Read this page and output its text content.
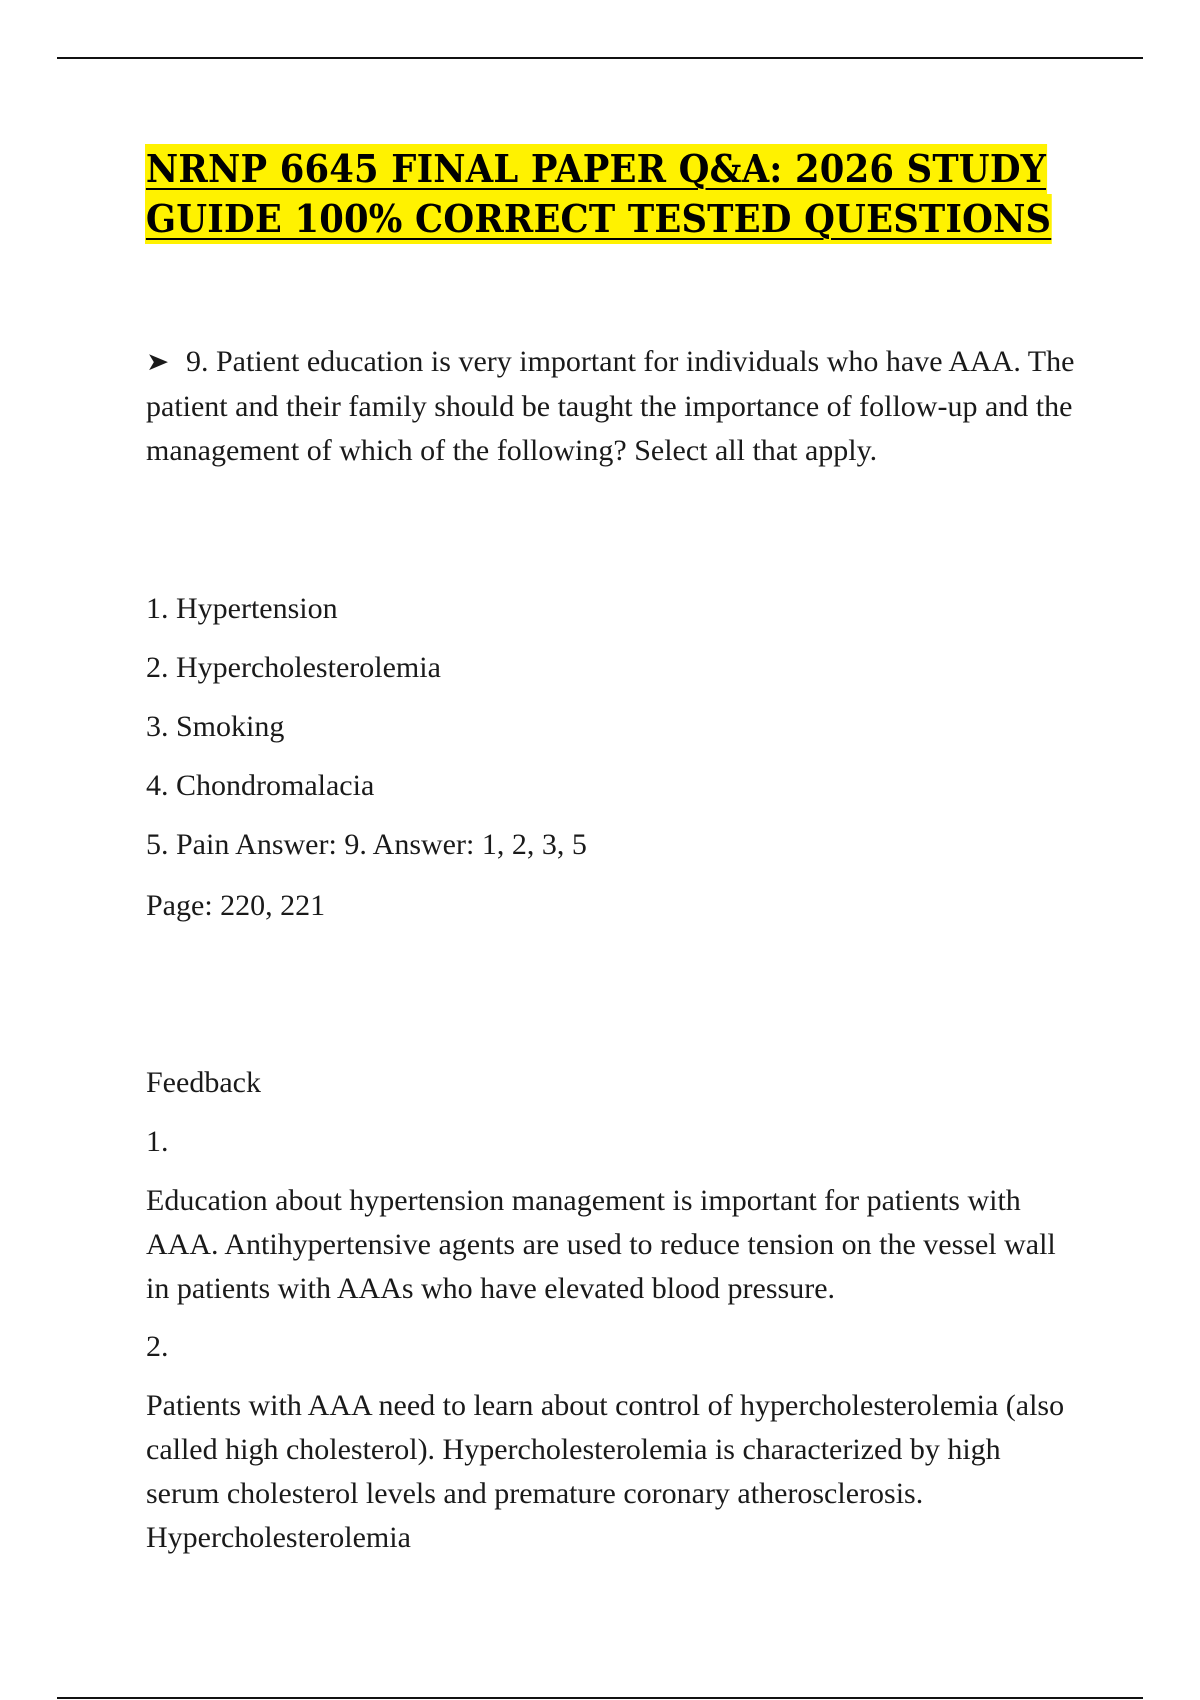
NRNP 6645 FINAL PAPER Q&A: 2026 STUDY
GUIDE 100% CORRECT TESTED QUESTIONS
➤ 9. Patient education is very important for individuals who have AAA. The patient and their family should be taught the importance of follow-up and the management of which of the following? Select all that apply.
1. Hypertension
2. Hypercholesterolemia
3. Smoking
4. Chondromalacia
5. Pain Answer: 9. Answer: 1, 2, 3, 5
Page: 220, 221
Feedback
1.
Education about hypertension management is important for patients with AAA. Antihypertensive agents are used to reduce tension on the vessel wall in patients with AAAs who have elevated blood pressure.
2.
Patients with AAA need to learn about control of hypercholesterolemia (also called high cholesterol). Hypercholesterolemia is characterized by high serum cholesterol levels and premature coronary atherosclerosis. Hypercholesterolemia
